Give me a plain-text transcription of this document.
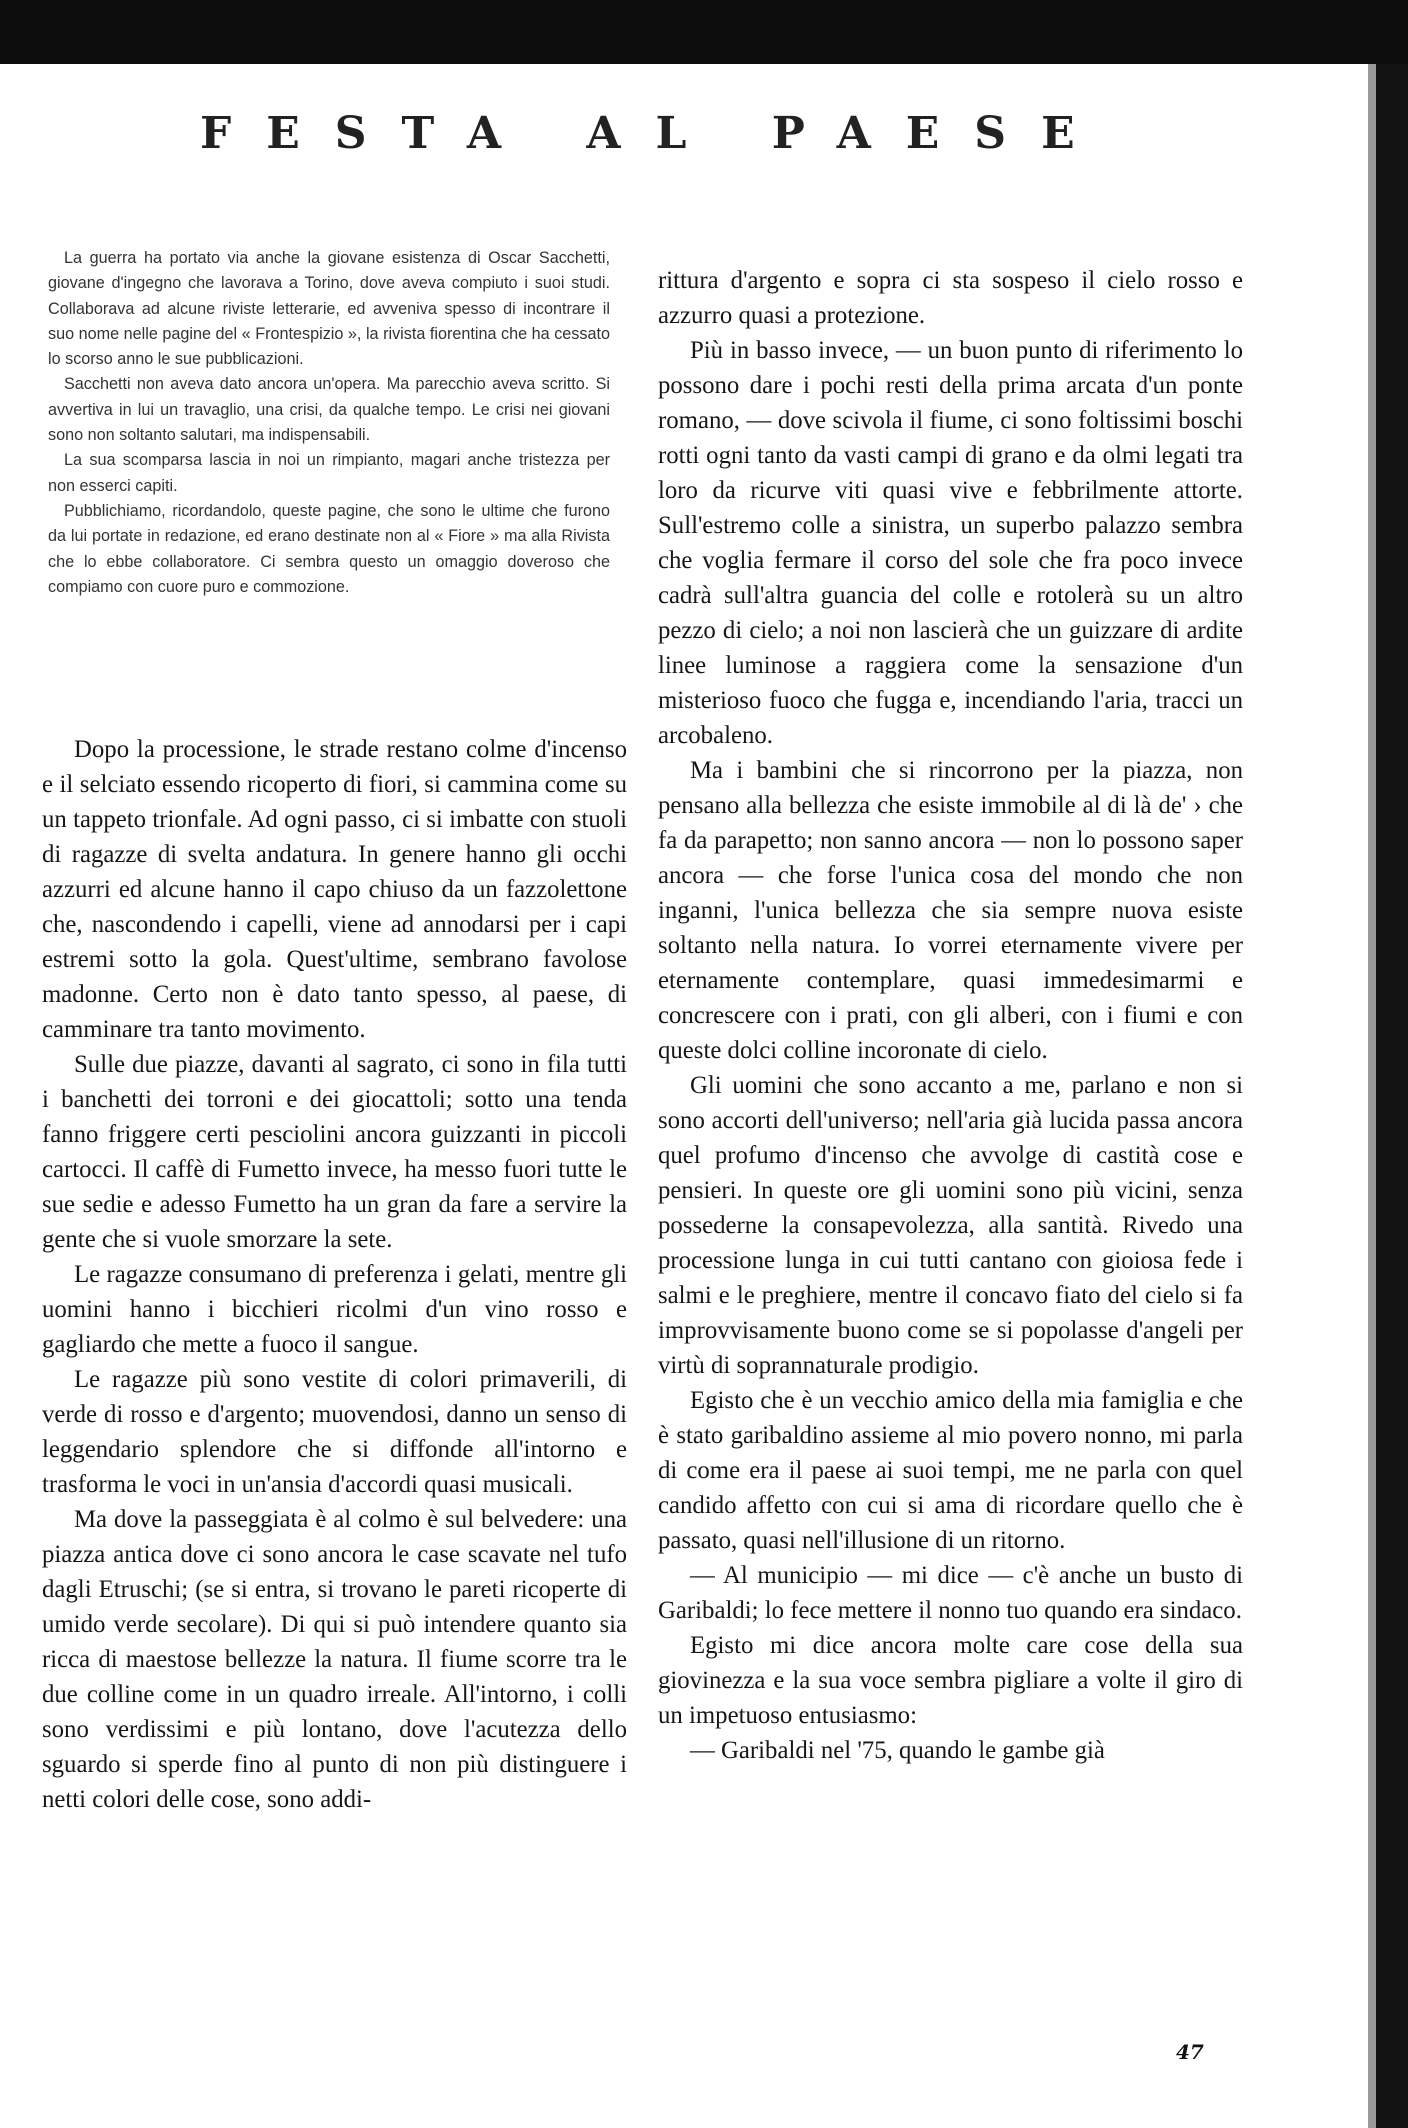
FESTA AL PAESE

La guerra ha portato via anche la giovane esistenza di Oscar Sacchetti, giovane d'ingegno che lavorava a Torino, dove aveva compiuto i suoi studi. Collaborava ad alcune riviste letterarie, ed avveniva spesso di incontrare il suo nome nelle pagine del « Frontespizio », la rivista fiorentina che ha cessato lo scorso anno le sue pubblicazioni.

Sacchetti non aveva dato ancora un'opera. Ma parecchio aveva scritto. Si avvertiva in lui un travaglio, una crisi, da qualche tempo. Le crisi nei giovani sono non soltanto salutari, ma indispensabili.

La sua scomparsa lascia in noi un rimpianto, magari anche tristezza per non esserci capiti.

Pubblichiamo, ricordandolo, queste pagine, che sono le ultime che furono da lui portate in redazione, ed erano destinate non al « Fiore » ma alla Rivista che lo ebbe collaboratore. Ci sembra questo un omaggio doveroso che compiamo con cuore puro e commozione.

Dopo la processione, le strade restano colme d'incenso e il selciato essendo ricoperto di fiori, si cammina come su un tappeto trionfale. Ad ogni passo, ci si imbatte con stuoli di ragazze di svelta andatura. In genere hanno gli occhi azzurri ed alcune hanno il capo chiuso da un fazzolettone che, nascondendo i capelli, viene ad annodarsi per i capi estremi sotto la gola. Quest'ultime, sembrano favolose madonne. Certo non è dato tanto spesso, al paese, di camminare tra tanto movimento.

Sulle due piazze, davanti al sagrato, ci sono in fila tutti i banchetti dei torroni e dei giocattoli; sotto una tenda fanno friggere certi pesciolini ancora guizzanti in piccoli cartocci. Il caffè di Fumetto invece, ha messo fuori tutte le sue sedie e adesso Fumetto ha un gran da fare a servire la gente che si vuole smorzare la sete.

Le ragazze consumano di preferenza i gelati, mentre gli uomini hanno i bicchieri ricolmi d'un vino rosso e gagliardo che mette a fuoco il sangue.

Le ragazze più sono vestite di colori primaverili, di verde di rosso e d'argento; muovendosi, danno un senso di leggendario splendore che si diffonde all'intorno e trasforma le voci in un'ansia d'accordi quasi musicali.

Ma dove la passeggiata è al colmo è sul belvedere: una piazza antica dove ci sono ancora le case scavate nel tufo dagli Etruschi; (se si entra, si trovano le pareti ricoperte di umido verde secolare). Di qui si può intendere quanto sia ricca di maestose bellezze la natura. Il fiume scorre tra le due colline come in un quadro irreale. All'intorno, i colli sono verdissimi e più lontano, dove l'acutezza dello sguardo si sperde fino al punto di non più distinguere i netti colori delle cose, sono addi-

rittura d'argento e sopra ci sta sospeso il cielo rosso e azzurro quasi a protezione.

Più in basso invece, — un buon punto di riferimento lo possono dare i pochi resti della prima arcata d'un ponte romano, — dove scivola il fiume, ci sono foltissimi boschi rotti ogni tanto da vasti campi di grano e da olmi legati tra loro da ricurve viti quasi vive e febbrilmente attorte. Sull'estremo colle a sinistra, un superbo palazzo sembra che voglia fermare il corso del sole che fra poco invece cadrà sull'altra guancia del colle e rotolerà su un altro pezzo di cielo; a noi non lascierà che un guizzare di ardite linee luminose a raggiera come la sensazione d'un misterioso fuoco che fugga e, incendiando l'aria, tracci un arcobaleno.

Ma i bambini che si rincorrono per la piazza, non pensano alla bellezza che esiste immobile al di là de' › che fa da parapetto; non sanno ancora — non lo possono saper ancora — che forse l'unica cosa del mondo che non inganni, l'unica bellezza che sia sempre nuova esiste soltanto nella natura. Io vorrei eternamente vivere per eternamente contemplare, quasi immedesimarmi e concrescere con i prati, con gli alberi, con i fiumi e con queste dolci colline incoronate di cielo.

Gli uomini che sono accanto a me, parlano e non si sono accorti dell'universo; nell'aria già lucida passa ancora quel profumo d'incenso che avvolge di castità cose e pensieri. In queste ore gli uomini sono più vicini, senza possederne la consapevolezza, alla santità. Rivedo una processione lunga in cui tutti cantano con gioiosa fede i salmi e le preghiere, mentre il concavo fiato del cielo si fa improvvisamente buono come se si popolasse d'angeli per virtù di soprannaturale prodigio.

Egisto che è un vecchio amico della mia famiglia e che è stato garibaldino assieme al mio povero nonno, mi parla di come era il paese ai suoi tempi, me ne parla con quel candido affetto con cui si ama di ricordare quello che è passato, quasi nell'illusione di un ritorno.

— Al municipio — mi dice — c'è anche un busto di Garibaldi; lo fece mettere il nonno tuo quando era sindaco.

Egisto mi dice ancora molte care cose della sua giovinezza e la sua voce sembra pigliare a volte il giro di un impetuoso entusiasmo:

— Garibaldi nel '75, quando le gambe già

47
